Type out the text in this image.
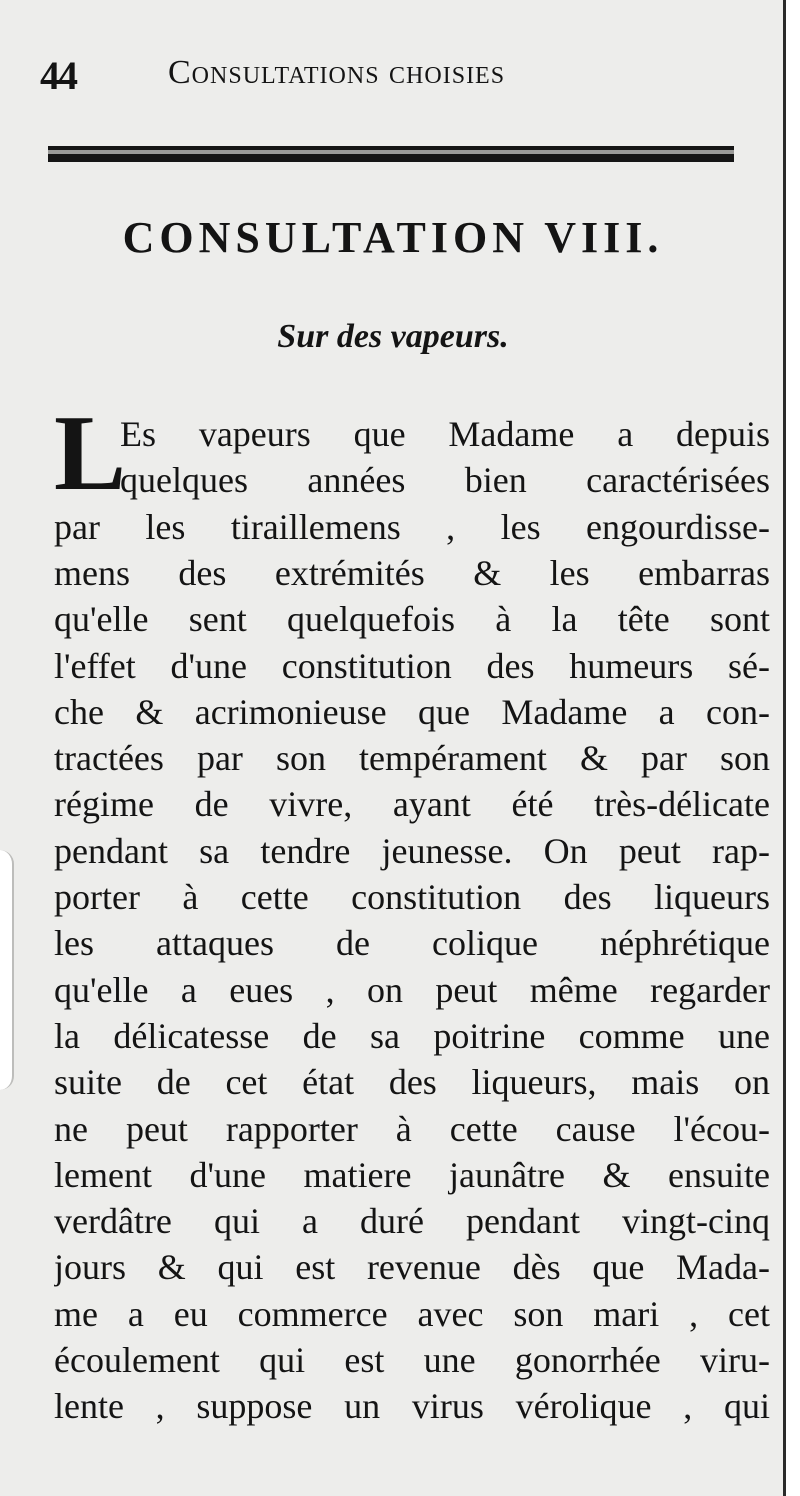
44	Consultations choisies
CONSULTATION VIII.
Sur des vapeurs.
L
Es vapeurs que Madame a depuis
quelques années bien caractérisées
par les tiraillemens , les engourdisse-
mens des extrémités & les embarras
qu'elle sent quelquefois à la tête sont
l'effet d'une constitution des humeurs sé-
che & acrimonieuse que Madame a con-
tractées par son tempérament & par son
régime de vivre, ayant été très-délicate
pendant sa tendre jeunesse. On peut rap-
porter à cette constitution des liqueurs
les attaques de colique néphrétique
qu'elle a eues , on peut même regarder
la délicatesse de sa poitrine comme une
suite de cet état des liqueurs, mais on
ne peut rapporter à cette cause l'écou-
lement d'une matiere jaunâtre & ensuite
verdâtre qui a duré pendant vingt-cinq
jours & qui est revenue dès que Mada-
me a eu commerce avec son mari , cet
écoulement qui est une gonorrhée viru-
lente , suppose un virus vérolique , qui
